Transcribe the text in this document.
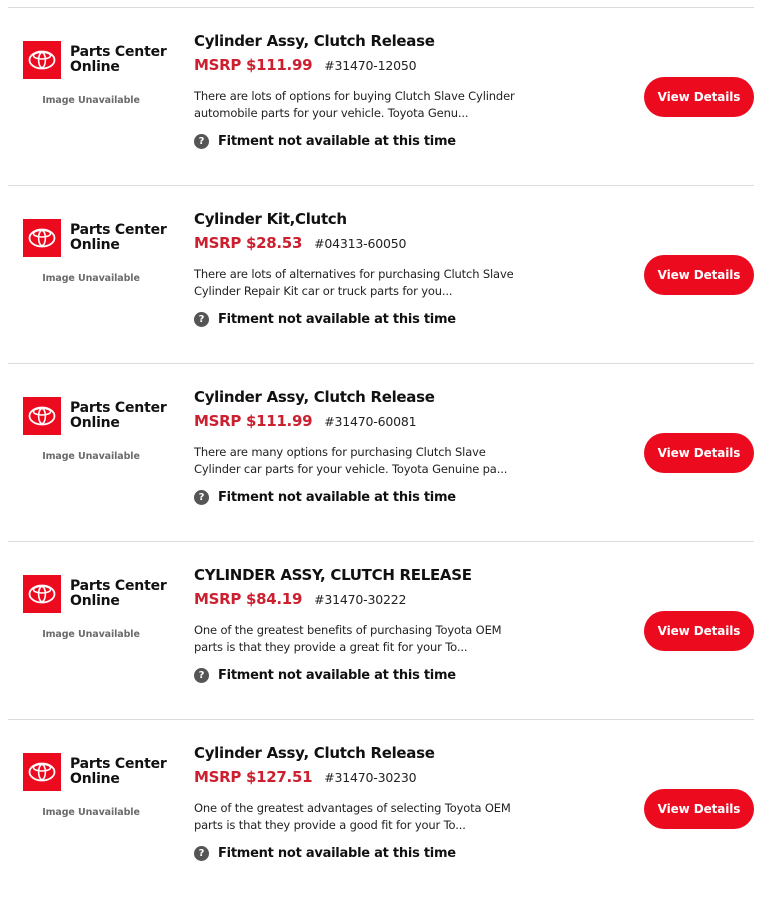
Parts Center
Online
Image Unavailable
Cylinder Assy, Clutch Release
MSRP $111.99 #31470-12050
There are lots of options for buying Clutch Slave Cylinder
automobile parts for your vehicle. Toyota Genu...
?	Fitment not available at this time
View Details
Parts Center
Online
Image Unavailable
Cylinder Kit,Clutch
MSRP $28.53 #04313-60050
There are lots of alternatives for purchasing Clutch Slave
Cylinder Repair Kit car or truck parts for you...
?	Fitment not available at this time
View Details
Parts Center
Online
Image Unavailable
Cylinder Assy, Clutch Release
MSRP $111.99 #31470-60081
There are many options for purchasing Clutch Slave
Cylinder car parts for your vehicle. Toyota Genuine pa...
?	Fitment not available at this time
View Details
Parts Center
Online
Image Unavailable
CYLINDER ASSY, CLUTCH RELEASE
MSRP $84.19 #31470-30222
One of the greatest benefits of purchasing Toyota OEM
parts is that they provide a great fit for your To...
?	Fitment not available at this time
View Details
Parts Center
Online
Image Unavailable
Cylinder Assy, Clutch Release
MSRP $127.51 #31470-30230
One of the greatest advantages of selecting Toyota OEM
parts is that they provide a good fit for your To...
?	Fitment not available at this time
View Details
